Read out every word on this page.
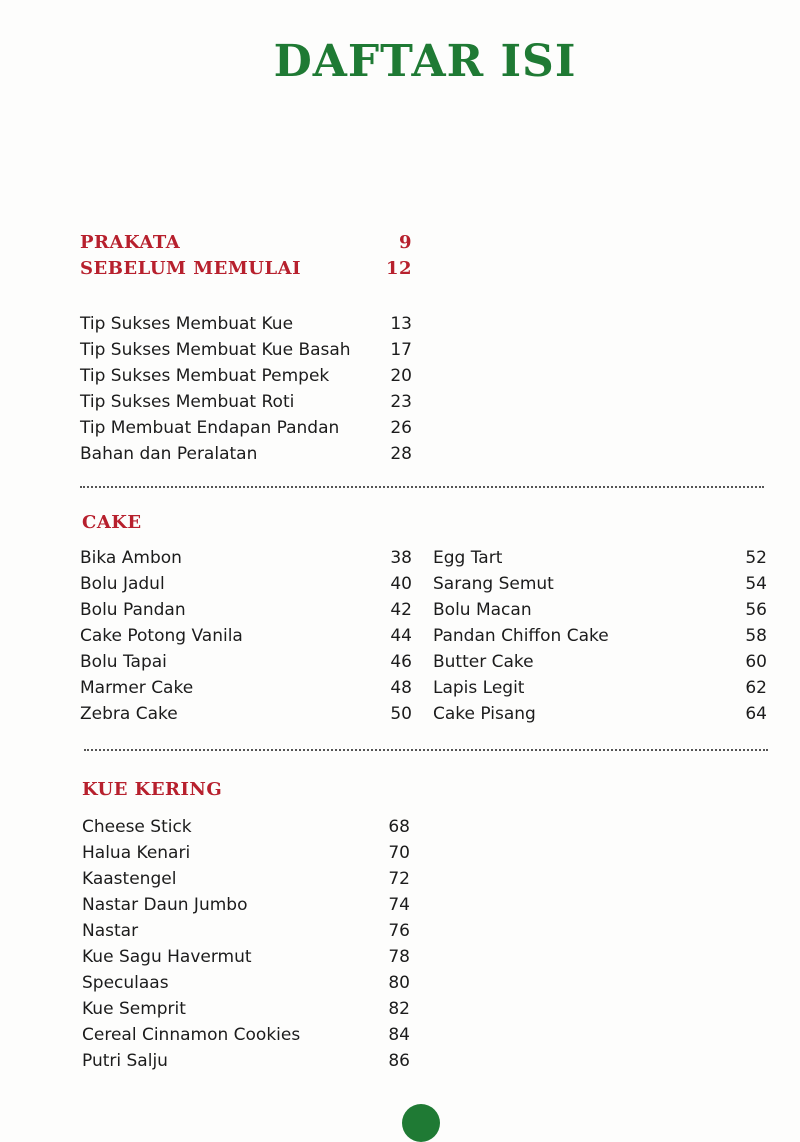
DAFTAR ISI
PRAKATA	9
SEBELUM MEMULAI	12
Tip Sukses Membuat Kue	13
Tip Sukses Membuat Kue Basah 17
Tip Sukses Membuat Pempek	20
Tip Sukses Membuat Roti	23
Tip Membuat Endapan Pandan	26
Bahan dan Peralatan	28
CAKE
Bika Ambon	38
Bolu Jadul	40
Bolu Pandan	42
Cake Potong Vanila	44
Bolu Tapai	46
Marmer Cake	48
Zebra Cake	50
Egg Tart	52
Sarang Semut	54
Bolu Macan	56
Pandan Chiffon Cake	58
Butter Cake	60
Lapis Legit	62
Cake Pisang	64
KUE KERING
Cheese Stick	68
Halua Kenari	70
Kaastengel	72
Nastar Daun Jumbo	74
Nastar	76
Kue Sagu Havermut	78
Speculaas	80
Kue Semprit	82
Cereal Cinnamon Cookies	84
Putri Salju	86
